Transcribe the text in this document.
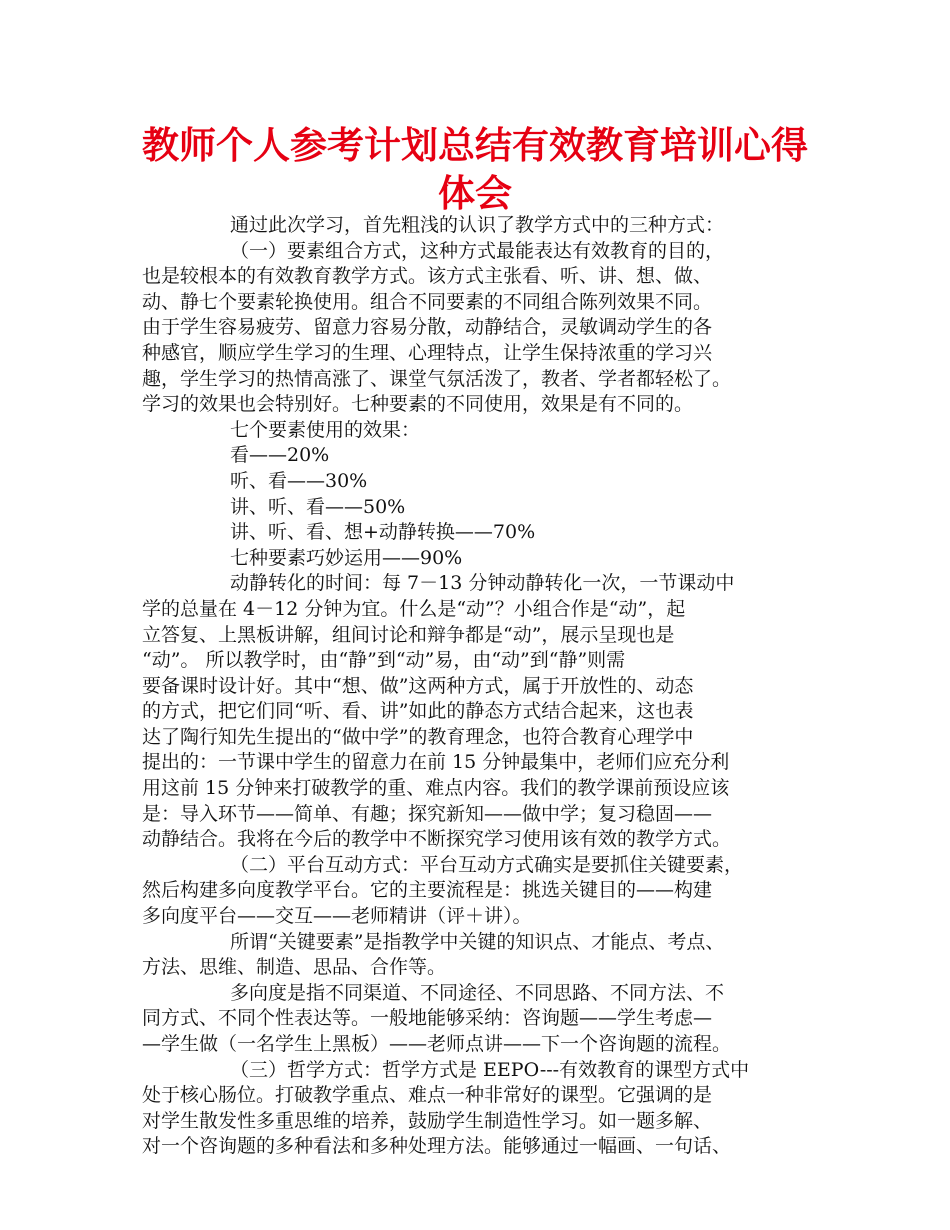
教师个人参考计划总结有效教育培训心得
体会
通过此次学习，首先粗浅的认识了教学方式中的三种方式：
（一）要素组合方式，这种方式最能表达有效教育的目的，
也是较根本的有效教育教学方式。该方式主张看、听、讲、想、做、
动、静七个要素轮换使用。组合不同要素的不同组合陈列效果不同。
由于学生容易疲劳、留意力容易分散，动静结合，灵敏调动学生的各
种感官，顺应学生学习的生理、心理特点，让学生保持浓重的学习兴
趣，学生学习的热情高涨了、课堂气氛活泼了，教者、学者都轻松了。
学习的效果也会特别好。七种要素的不同使用，效果是有不同的。
七个要素使用的效果：
看——20%
听、看——30%
讲、听、看——50%
讲、听、看、想+动静转换——70%
七种要素巧妙运用——90%
动静转化的时间：每 7－13 分钟动静转化一次，一节课动中
学的总量在 4－12 分钟为宜。什么是“动”？小组合作是“动”，起
立答复、上黑板讲解，组间讨论和辩争都是“动”，展示呈现也是
“动”。 所以教学时，由“静”到“动”易，由“动”到“静”则需
要备课时设计好。其中“想、做”这两种方式，属于开放性的、动态
的方式，把它们同“听、看、讲”如此的静态方式结合起来，这也表
达了陶行知先生提出的“做中学”的教育理念，也符合教育心理学中
提出的：一节课中学生的留意力在前 15 分钟最集中，老师们应充分利
用这前 15 分钟来打破教学的重、难点内容。我们的教学课前预设应该
是：导入环节——简单、有趣；探究新知——做中学；复习稳固——
动静结合。我将在今后的教学中不断探究学习使用该有效的教学方式。
（二）平台互动方式：平台互动方式确实是要抓住关键要素，
然后构建多向度教学平台。它的主要流程是：挑选关键目的——构建
多向度平台——交互——老师精讲（评＋讲）。
所谓“关键要素”是指教学中关键的知识点、才能点、考点、
方法、思维、制造、思品、合作等。
多向度是指不同渠道、不同途径、不同思路、不同方法、不
同方式、不同个性表达等。一般地能够采纳：咨询题——学生考虑—
—学生做（一名学生上黑板）——老师点讲——下一个咨询题的流程。
（三）哲学方式：哲学方式是 EEPO---有效教育的课型方式中
处于核心肠位。打破教学重点、难点一种非常好的课型。它强调的是
对学生散发性多重思维的培养，鼓励学生制造性学习。如一题多解、
对一个咨询题的多种看法和多种处理方法。能够通过一幅画、一句话、
